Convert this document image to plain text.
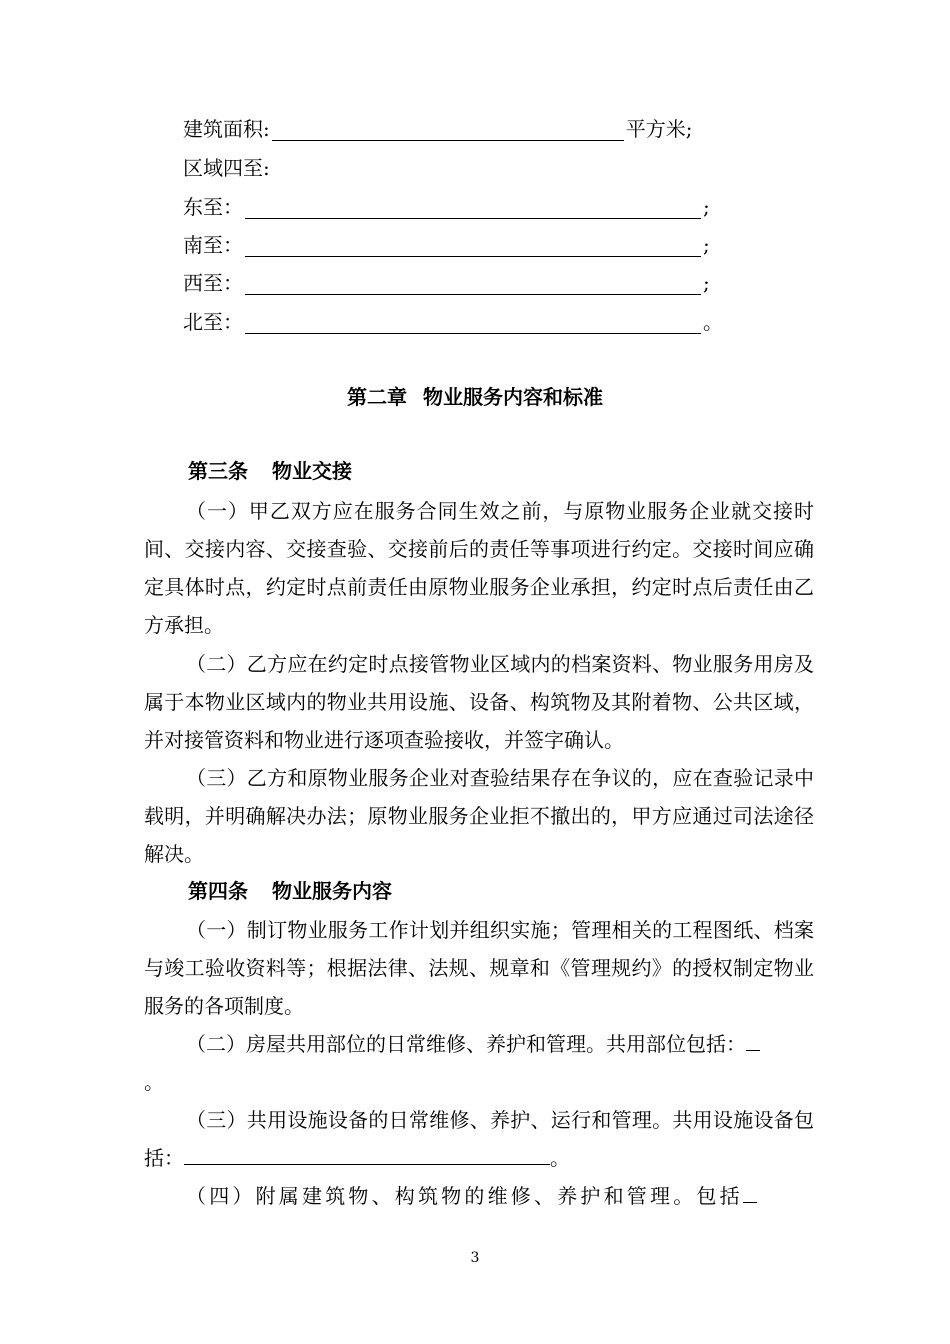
建筑面积:	平方米;
区域四至:
东至：	;
南至：	;
西至：	;
北至：	。
第二章 物业服务内容和标准
第三条 物业交接

（一）甲乙双方应在服务合同生效之前，与原物业服务企业就交接时间、交接内容、交接查验、交接前后的责任等事项进行约定。交接时间应确定具体时点，约定时点前责任由原物业服务企业承担，约定时点后责任由乙方承担。

（二）乙方应在约定时点接管物业区域内的档案资料、物业服务用房及属于本物业区域内的物业共用设施、设备、构筑物及其附着物、公共区域，并对接管资料和物业进行逐项查验接收，并签字确认。

（三）乙方和原物业服务企业对查验结果存在争议的，应在查验记录中载明，并明确解决办法；原物业服务企业拒不撤出的，甲方应通过司法途径解决。

第四条 物业服务内容

（一）制订物业服务工作计划并组织实施；管理相关的工程图纸、档案与竣工验收资料等；根据法律、法规、规章和《管理规约》的授权制定物业服务的各项制度。

（二）房屋共用部位的日常维修、养护和管理。共用部位包括：
。

（三）共用设施设备的日常维修、养护、运行和管理。共用设施设备包括：	。

（四）附属建筑物、构筑物的维修、养护和管理。包括

3
